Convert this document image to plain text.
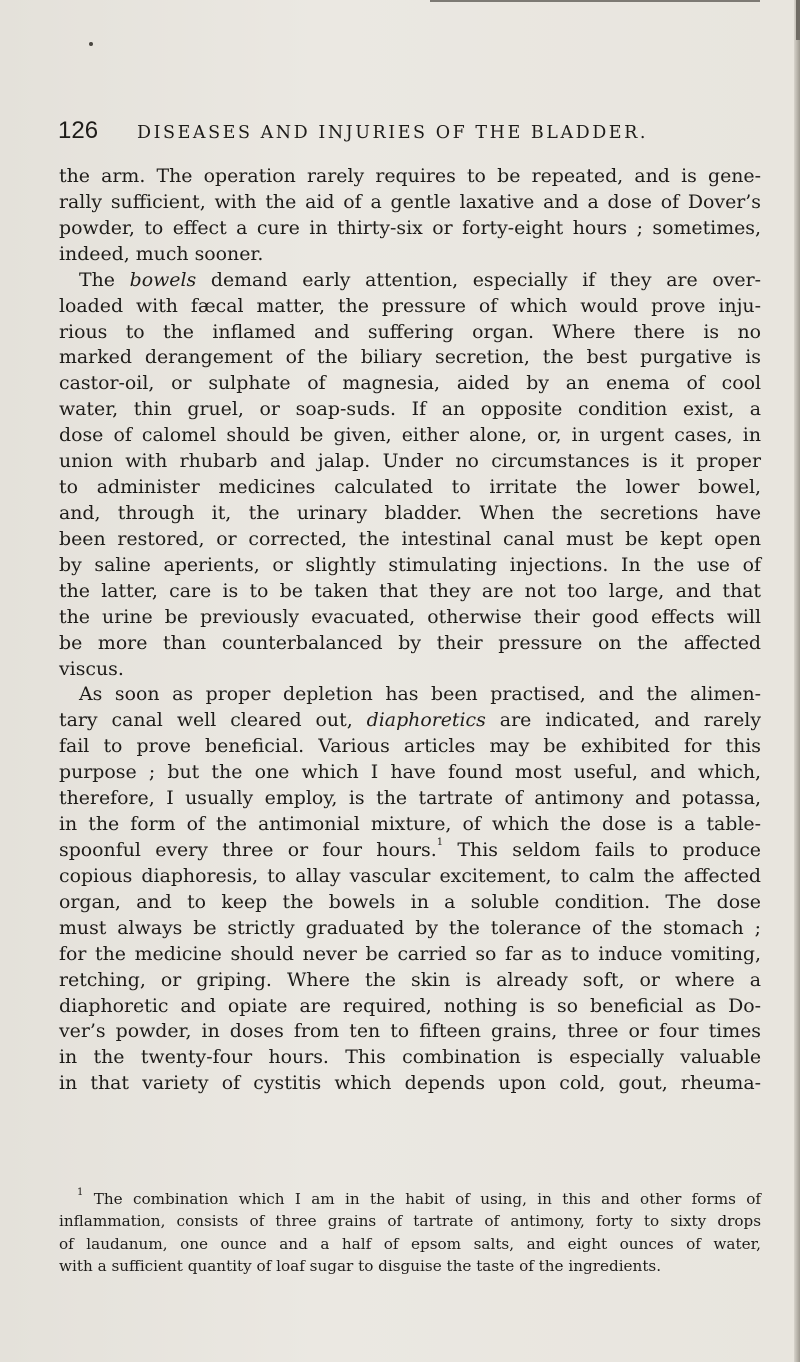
126 DISEASES AND INJURIES OF THE BLADDER.

the arm. The operation rarely requires to be repeated, and is gene-
rally sufficient, with the aid of a gentle laxative and a dose of Dover’s
powder, to effect a cure in thirty-six or forty-eight hours ; sometimes,
indeed, much sooner.

The bowels demand early attention, especially if they are over-
loaded with fæcal matter, the pressure of which would prove inju-
rious to the inflamed and suffering organ. Where there is no
marked derangement of the biliary secretion, the best purgative is
castor-oil, or sulphate of magnesia, aided by an enema of cool
water, thin gruel, or soap-suds. If an opposite condition exist, a
dose of calomel should be given, either alone, or, in urgent cases, in
union with rhubarb and jalap. Under no circumstances is it proper
to administer medicines calculated to irritate the lower bowel,
and, through it, the urinary bladder. When the secretions have
been restored, or corrected, the intestinal canal must be kept open
by saline aperients, or slightly stimulating injections. In the use of
the latter, care is to be taken that they are not too large, and that
the urine be previously evacuated, otherwise their good effects will
be more than counterbalanced by their pressure on the affected
viscus.

As soon as proper depletion has been practised, and the alimen-
tary canal well cleared out, diaphoretics are indicated, and rarely
fail to prove beneficial. Various articles may be exhibited for this
purpose ; but the one which I have found most useful, and which,
therefore, I usually employ, is the tartrate of antimony and potassa,
in the form of the antimonial mixture, of which the dose is a table-
spoonful every three or four hours.$^1$ This seldom fails to produce
copious diaphoresis, to allay vascular excitement, to calm the affected
organ, and to keep the bowels in a soluble condition. The dose
must always be strictly graduated by the tolerance of the stomach ;
for the medicine should never be carried so far as to induce vomiting,
retching, or griping. Where the skin is already soft, or where a
diaphoretic and opiate are required, nothing is so beneficial as Do-
ver’s powder, in doses from ten to fifteen grains, three or four times
in the twenty-four hours. This combination is especially valuable
in that variety of cystitis which depends upon cold, gout, rheuma-

$^1$ The combination which I am in the habit of using, in this and other forms of
inflammation, consists of three grains of tartrate of antimony, forty to sixty drops
of laudanum, one ounce and a half of epsom salts, and eight ounces of water,
with a sufficient quantity of loaf sugar to disguise the taste of the ingredients.
